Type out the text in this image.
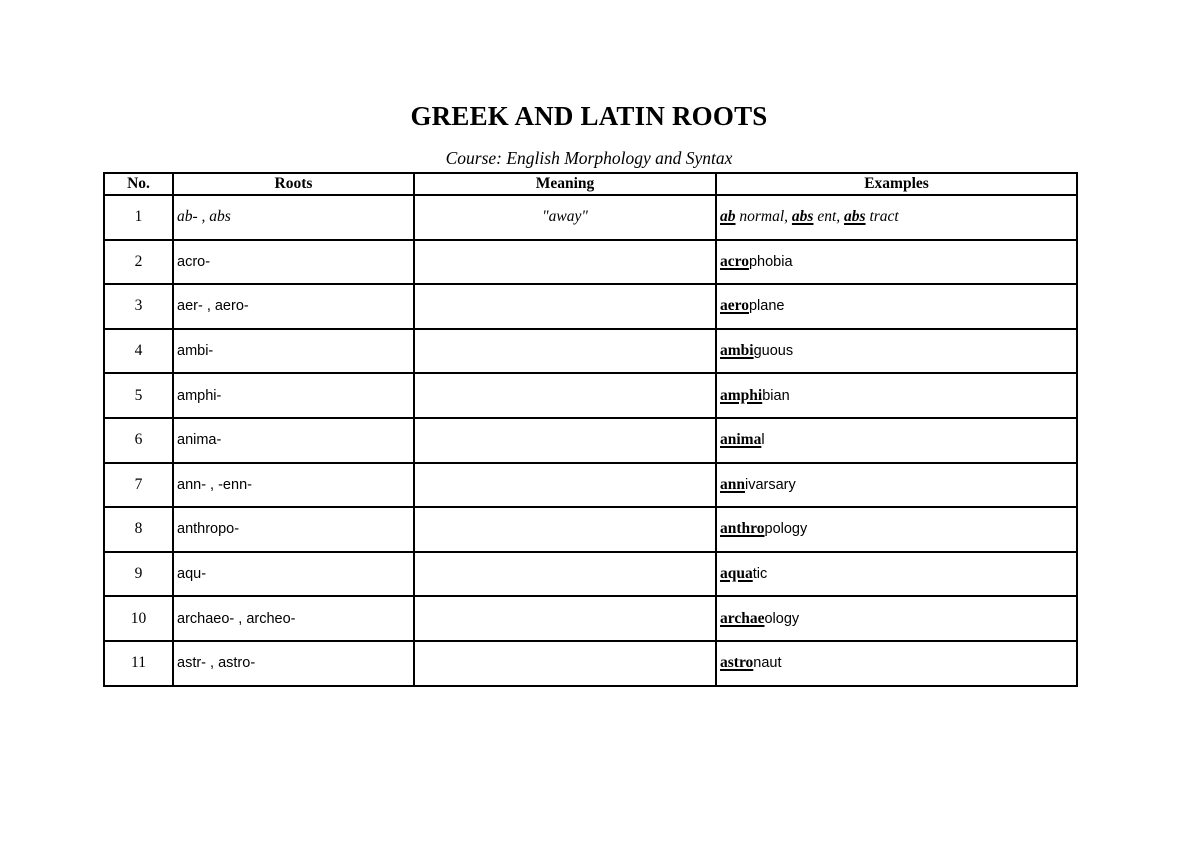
GREEK AND LATIN ROOTS
Course: English Morphology and Syntax
No.	Roots	Meaning	Examples
1	ab- , abs	"away"	ab normal, abs ent, abs tract
2	acro-		acrophobia
3	aer- , aero-		aeroplane
4	ambi-		ambiguous
5	amphi-		amphibian
6	anima-		animal
7	ann- , -enn-		annivarsary
8	anthropo-		anthropology
9	aqu-		aquatic
10	archaeo- , archeo-		archaeology
11	astr- , astro-		astronaut
